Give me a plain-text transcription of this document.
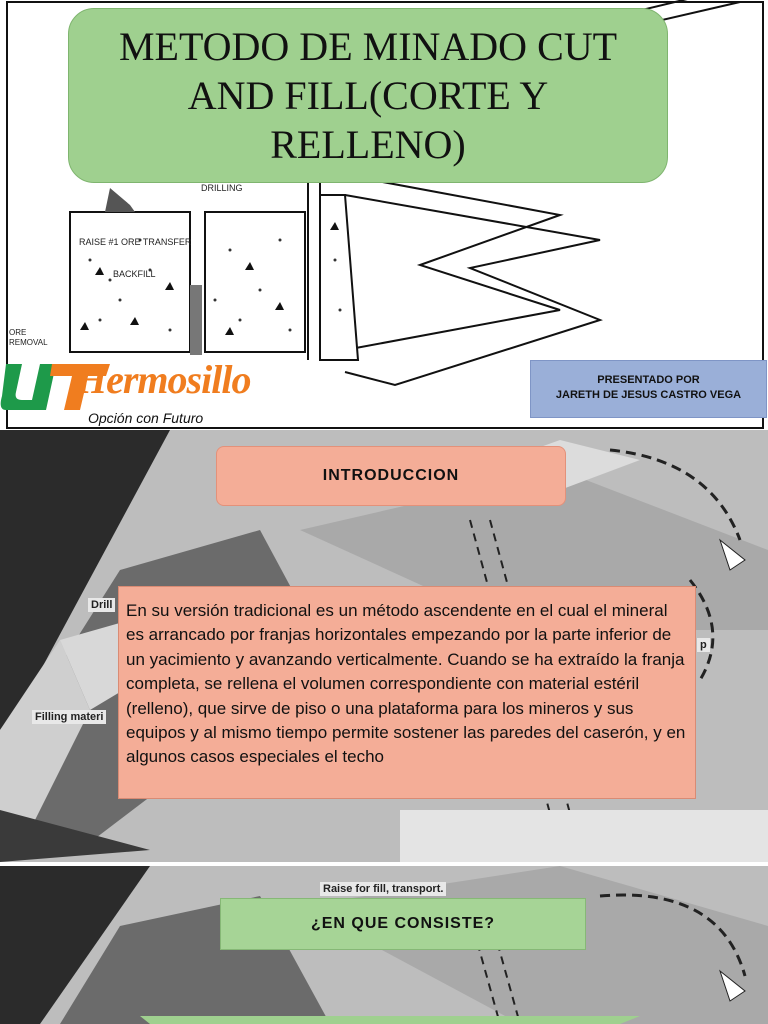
DRILLING
RAISE #1 ORE TRANSFER
BACKFILL
ORE
REMOVAL
METODO DE MINADO CUT AND FILL(CORTE Y RELLENO)
Hermosillo
Opción con Futuro
PRESENTADO POR
JARETH DE JESUS CASTRO VEGA
Drill
Filling materi
p
INTRODUCCION
En su versión tradicional es un método ascendente en el cual el mineral es arrancado por franjas horizontales empezando por la parte inferior de un yacimiento y avanzando verticalmente. Cuando se ha extraído la franja completa, se rellena el volumen correspondiente con material estéril (relleno), que sirve de piso o una plataforma para los mineros y sus equipos y al mismo tiempo permite sostener las paredes del caserón, y en algunos casos especiales el techo
Raise for fill, transport.
¿EN QUE CONSISTE?
